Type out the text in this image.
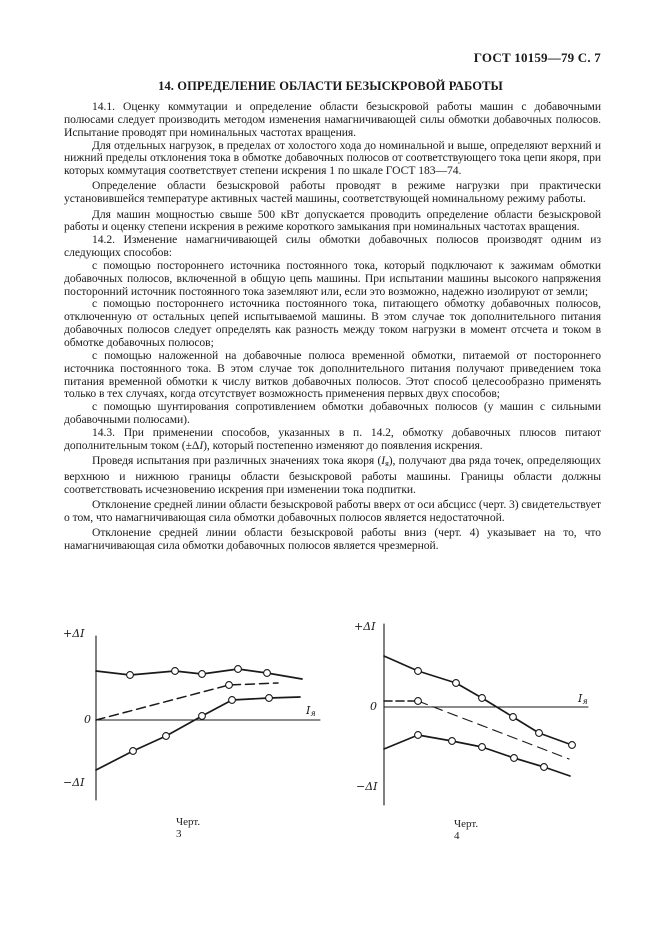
ГОСТ 10159—79 С. 7
14. ОПРЕДЕЛЕНИЕ ОБЛАСТИ БЕЗЫСКРОВОЙ РАБОТЫ

14.1. Оценку коммутации и определение области безыскровой работы машин с добавочными полюсами следует производить методом изменения намагничивающей силы обмотки добавочных полюсов. Испытание проводят при номинальных частотах вращения.

Для отдельных нагрузок, в пределах от холостого хода до номинальной и выше, определяют верхний и нижний пределы отклонения тока в обмотке добавочных полюсов от соответствующего тока цепи якоря, при которых коммутация соответствует степени искрения 1 по шкале ГОСТ 183—74.

Определение области безыскровой работы проводят в режиме нагрузки при практически установившейся температуре активных частей машины, соответствующей номинальному режиму работы.

Для машин мощностью свыше 500 кВт допускается проводить определение области безыскровой работы и оценку степени искрения в режиме короткого замыкания при номинальных частотах вращения.

14.2. Изменение намагничивающей силы обмотки добавочных полюсов производят одним из следующих способов:

с помощью постороннего источника постоянного тока, который подключают к зажимам обмотки добавочных полюсов, включенной в общую цепь машины. При испытании машины высокого напряжения посторонний источник постоянного тока заземляют или, если это возможно, надежно изолируют от земли;

с помощью постороннего источника постоянного тока, питающего обмотку добавочных полюсов, отключенную от остальных цепей испытываемой машины. В этом случае ток дополнительного питания добавочных полюсов следует определять как разность между током нагрузки в момент отсчета и током в обмотке добавочных полюсов;

с помощью наложенной на добавочные полюса временной обмотки, питаемой от постороннего источника постоянного тока. В этом случае ток дополнительного питания получают приведением тока питания временной обмотки к числу витков добавочных полюсов. Этот способ целесообразно применять только в тех случаях, когда отсутствует возможность применения первых двух способов;

с помощью шунтирования сопротивлением обмотки добавочных полюсов (у машин с сильными добавочными полюсами).

14.3. При применении способов, указанных в п. 14.2, обмотку добавочных плюсов питают дополнительным током (±ΔI), который постепенно изменяют до появления искрения.

Проведя испытания при различных значениях тока якоря $(I_я)$, получают два ряда точек, определяющих верхнюю и нижнюю границы области безыскровой работы машины. Границы области должны соответствовать исчезновению искрения при изменении тока подпитки.

Отклонение средней линии области безыскровой работы вверх от оси абсцисс (черт. 3) свидетельствует о том, что намагничивающая сила обмотки добавочных полюсов является недостаточной.

Отклонение средней линии области безыскровой работы вниз (черт. 4) указывает на то, что намагничивающая сила обмотки добавочных полюсов является чрезмерной.

+ΔI
−ΔI
0
$I_я$
Черт. 3
+ΔI
−ΔI
0
$I_я$
Черт. 4
